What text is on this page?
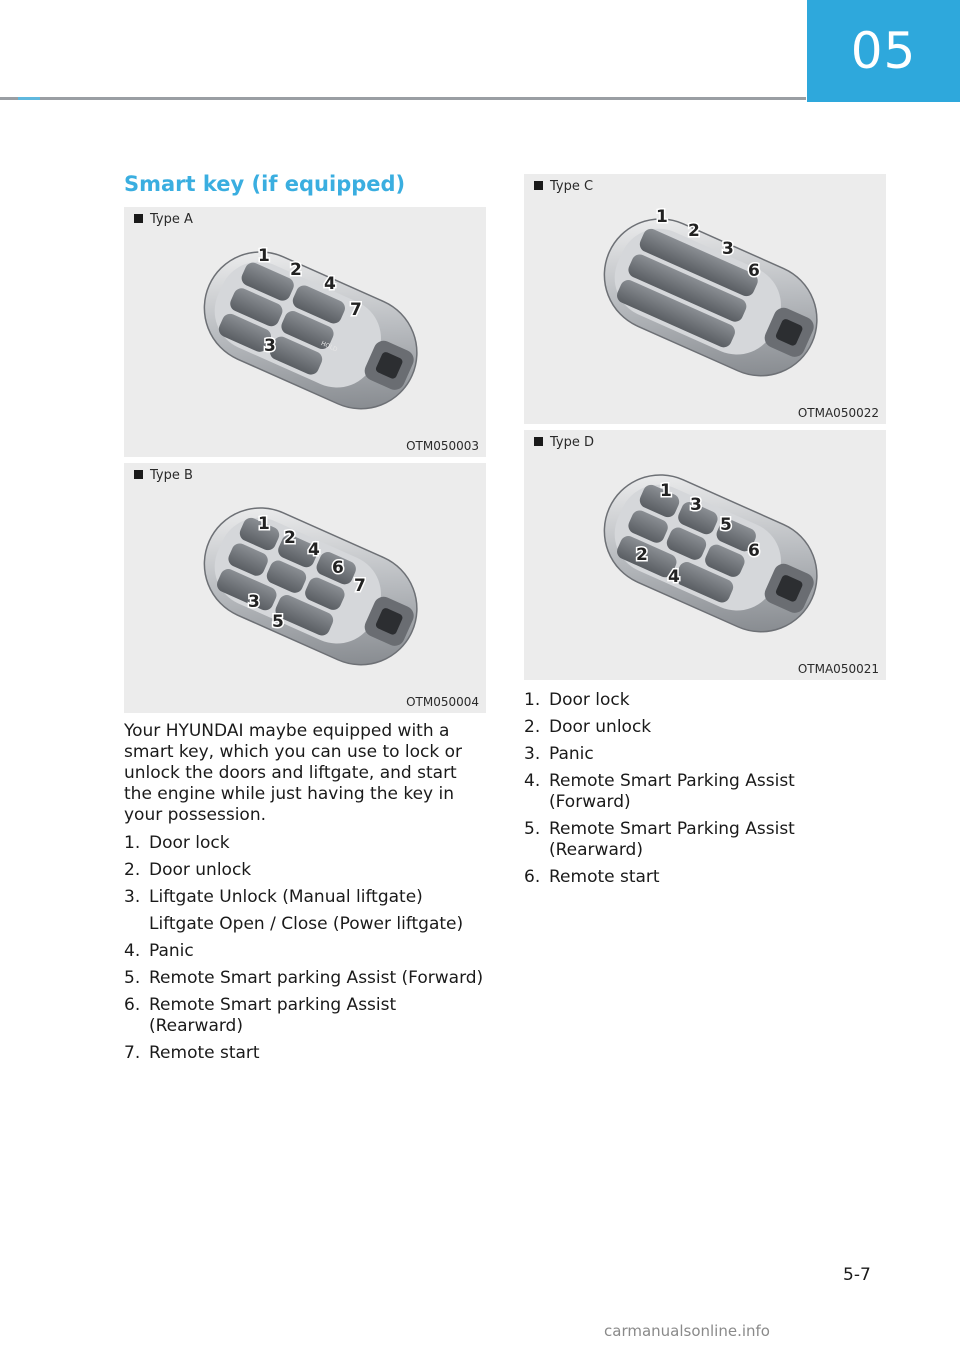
05
Smart key (if equipped)
Type A
HOLD
1
2
4
7
3
OTM050003
Type B
1
2
4
6
7
3
5
OTM050004
Type C
1
2
3
6
OTMA050022
Type D
1
3
5
2	6
4
OTMA050021

Your HYUNDAI maybe equipped with a smart key, which you can use to lock or unlock the doors and liftgate, and start the engine while just having the key in your possession.

1. Door lock
2. Door unlock
3. Liftgate Unlock (Manual liftgate)
Liftgate Open / Close (Power liftgate)
4. Panic
5. Remote Smart parking Assist (Forward)
6. Remote Smart parking Assist (Rearward)
7. Remote start
1. Door lock
2. Door unlock
3. Panic
4. Remote Smart Parking Assist (Forward)
5. Remote Smart Parking Assist (Rearward)
6. Remote start
5-7
carmanualsonline.info
